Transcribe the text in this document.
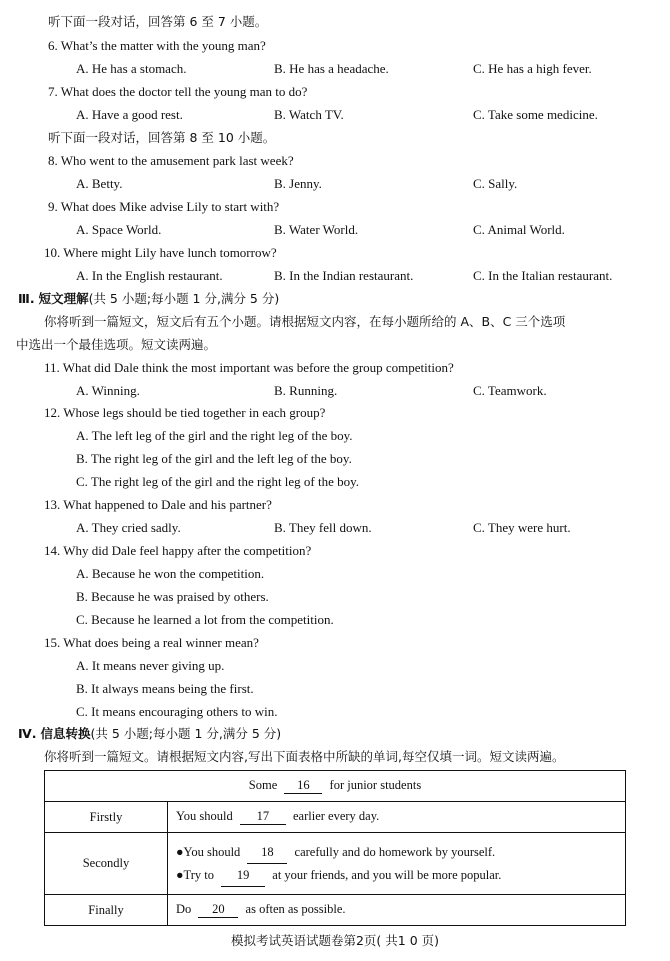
听下面一段对话，回答第 6 至 7 小题。
6. What’s the matter with the young man?
A. He has a stomach.	B. He has a headache.	C. He has a high fever.
7. What does the doctor tell the young man to do?
A. Have a good rest.	B. Watch TV.	C. Take some medicine.
听下面一段对话，回答第 8 至 10 小题。
8. Who went to the amusement park last week?
A. Betty.	B. Jenny.	C. Sally.
9. What does Mike advise Lily to start with?
A. Space World.	B. Water World.	C. Animal World.
10. Where might Lily have lunch tomorrow?
A. In the English restaurant.	B. In the Indian restaurant.	C. In the Italian restaurant.
Ⅲ. 短文理解(共 5 小题;每小题 1 分,满分 5 分)
你将听到一篇短文，短文后有五个小题。请根据短文内容，在每小题所给的 A、B、C 三个选项
中选出一个最佳选项。短文读两遍。
11. What did Dale think the most important was before the group competition?
A. Winning.	B. Running.	C. Teamwork.
12. Whose legs should be tied together in each group?
A. The left leg of the girl and the right leg of the boy.
B. The right leg of the girl and the left leg of the boy.
C. The right leg of the girl and the right leg of the boy.
13. What happened to Dale and his partner?
A. They cried sadly.	B. They fell down.	C. They were hurt.
14. Why did Dale feel happy after the competition?
A. Because he won the competition.
B. Because he was praised by others.
C. Because he learned a lot from the competition.
15. What does being a real winner mean?
A. It means never giving up.
B. It always means being the first.
C. It means encouraging others to win.
Ⅳ. 信息转换(共 5 小题;每小题 1 分,满分 5 分)
你将听到一篇短文。请根据短文内容,写出下面表格中所缺的单词,每空仅填一词。短文读两遍。
Some 16 for junior students	
Firstly	You should 17 earlier every day.
Secondly	●You should 18 carefully and do homework by yourself.
●Try to 19 at your friends, and you will be more popular.

Finally	Do 20 as often as possible.
模拟考试英语试题卷第2页( 共1 0 页)
